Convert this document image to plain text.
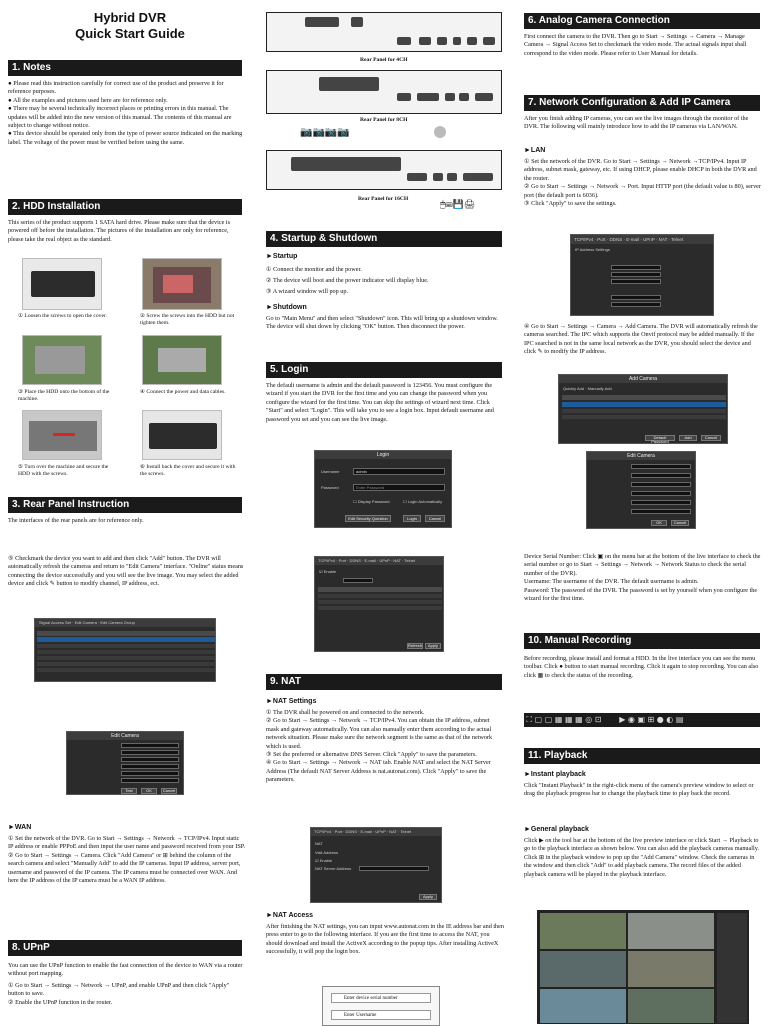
Hybrid DVR
Quick Start Guide
1. Notes

● Please read this instruction carefully for correct use of the product and preserve it for reference purposes.

● All the examples and pictures used here are for reference only.

● There may be several technically incorrect places or printing errors in this manual. The updates will be added into the new version of this manual. The contents of this manual are subject to change without notice.

● This device should be operated only from the type of power source indicated on the marking label. The voltage of the power must be verified before using the same.

2. HDD Installation

This series of the product supports 1 SATA hard drive. Please make sure that the device is powered off before the installation. The pictures of the installation are only for reference, please take the real object as the standard.

① Loosen the screws to open the cover.	② Screw the screws into the HDD but not tighten them.

③ Place the HDD onto the bottom of the machine.

④ Connect the power and data cables.

⑤ Turn over the machine and secure the HDD with the screws.

⑥ Install back the cover and secure it with the screws.

3. Rear Panel Instruction

The interfaces of the rear panels are for reference only.

⑤ Checkmark the device you want to add and then click "Add" button. The DVR will automatically refresh the cameras and return to "Edit Camera" interface. "Online" status means connecting the device successfully and you will see the live image. You may select the added device and click ✎ button to modify channel, IP address, ect.

Signal Access Set · Edit Camera · Edit Camera Group
Edit Camera
Test	OK	Cancel

►WAN

① Set the network of the DVR. Go to Start → Settings → Network → TCP/IPv4. Input static IP address or enable PPPoE and then input the user name and password received from your ISP.

② Go to Start → Settings → Camera. Click "Add Camera" or ⊞ behind the column of the search camera and select "Manually Add" to add the IP cameras. Input IP address, server port, username and password of the IP camera. The IP camera must be connected over WAN. And here the IP address of the IP camera must be a WAN IP address.

8. UPnP

You can use the UPnP function to enable the fast connection of the device to WAN via a router without port mapping.

① Go to Start → Settings → Network → UPnP, and enable UPnP and then click "Apply" button to save.

② Enable the UPnP function in the router.

Rear Panel for 4CH

Rear Panel for 8CH

📷📷📷📷
🖱⌨💾🖨

Rear Panel for 16CH

4. Startup & Shutdown

►Startup

① Connect the monitor and the power.

② The device will boot and the power indicator will display blue.

③ A wizard window will pop up.

►Shutdown

Go to "Main Menu" and then select "Shutdown" icon. This will bring up a shutdown window. The device will shut down by clicking "OK" button. Then disconnect the power.

5. Login

The default username is admin and the default password is 123456. You must configure the wizard if you start the DVR for the first time and you can change the password when you configure the wizard for the first time. You can skip the settings of wizard next time. Click "Start" and select "Login". This will take you to see a login box. Input default username and password you set and you can see the live image.

Login
Username	admin
Password	Enter Password
☐ Display Password	☐ Login Automatically
Edit Security Question	Login	Cancel
TCP/IPv4 · Port · DDNS · E-mail · UPnP · NAT · Telnet
☑ Enable
Refresh	Apply
9. NAT

►NAT Settings

① The DVR shall be powered on and connected to the network.

② Go to Start → Settings → Network → TCP/IPv4. You can obtain the IP address, subnet mask and gateway automatically. You can also manually enter them according to the actual network situation. Please make sure the network segment is the same as that of the network which is used.

③ Set the preferred or alternative DNS Server. Click "Apply" to save the parameters.

④ Go to Start → Settings → Network → NAT tab. Enable NAT and select the NAT Server Address (The default NAT Server Address is nat.autonat.com). Click "Apply" to save the parameters.

TCP/IPv4 · Port · DDNS · E-mail · UPnP · NAT · Telnet
NAT
Visit Address
☑ Enable
NAT Server Address
Apply

►NAT Access

After finishing the NAT settings, you can input www.autonat.com in the IE address bar and then press enter to go to the following interface. If you are the first time to access the NAT, you should download and install the ActiveX according to the popup tips. After installing ActiveX successfully, it will pop the login box.

Enter device serial number
Enter Username
6. Analog Camera Connection

First connect the camera to the DVR. Then go to Start → Settings → Camera → Manage Camera → Signal Access Set to checkmark the video mode. The actual signals input shall correspond to the video mode. Please refer to User Manual for details.

7. Network Configuration & Add IP Camera

After you finish adding IP cameras, you can see the live images through the monitor of the DVR. The following will mainly introduce how to add the IP cameras via LAN/WAN.

►LAN

① Set the network of the DVR. Go to Start → Settings → Network →TCP/IPv4. Input IP address, subnet mask, gateway, etc. If using DHCP, please enable DHCP in both the DVR and the router.

② Go to Start → Settings → Network → Port. Input HTTP port (the default value is 80), server port (the default port is 6036).

③ Click "Apply" to save the settings.

TCP/IPv4 · Port · DDNS · E-mail · UPnP · NAT · Telnet
IP Address Settings

④ Go to Start → Settings → Camera → Add Camera. The DVR will automatically refresh the cameras searched. The IPC which supports the Onvif protocol may be added manually. If the IPC searched is not in the same local network as the DVR, you should select the device and click ✎ to modify the IP address.

Add Camera
Quickly Add · Manually Add
Default Password
Add	Cancel
Edit Camera
OK	Cancel

Device Serial Number: Click ▣ on the menu bar at the bottom of the live interface to check the serial number or go to Start → Settings → Network → Network Status to check the serial number of the DVR).

Username: The username of the DVR. The default username is admin.

Password: The password of the DVR. The password is set by yourself when you configure the wizard for the first time.

10. Manual Recording

Before recording, please install and format a HDD. In the live interface you can see the menu toolbar. Click ● button to start manual recording. Click it again to stop recording. You can also click ▦ to check the status of the recording.

⛶ ▢ ▢ ▦ ▦ ▦ ◎ ⊡       ▶ ◉ ▣ ⊞ ● ◐ ▤
11. Playback

►Instant playback

Click "Instant Playback" in the right-click menu of the camera's preview window to select or drag the playback progress bar to change the playback time to play back the record.

►General playback

Click ▶ on the tool bar at the bottom of the live preview interface or click Start → Playback to go to the playback interface as shown below. You can also add the playback cameras manually. Click ⊞ in the playback window to pop up the "Add Camera" window. Check the cameras in the window and then click "Add" to add playback camera. The record files of the added playback camera will be played in the playback interface.
